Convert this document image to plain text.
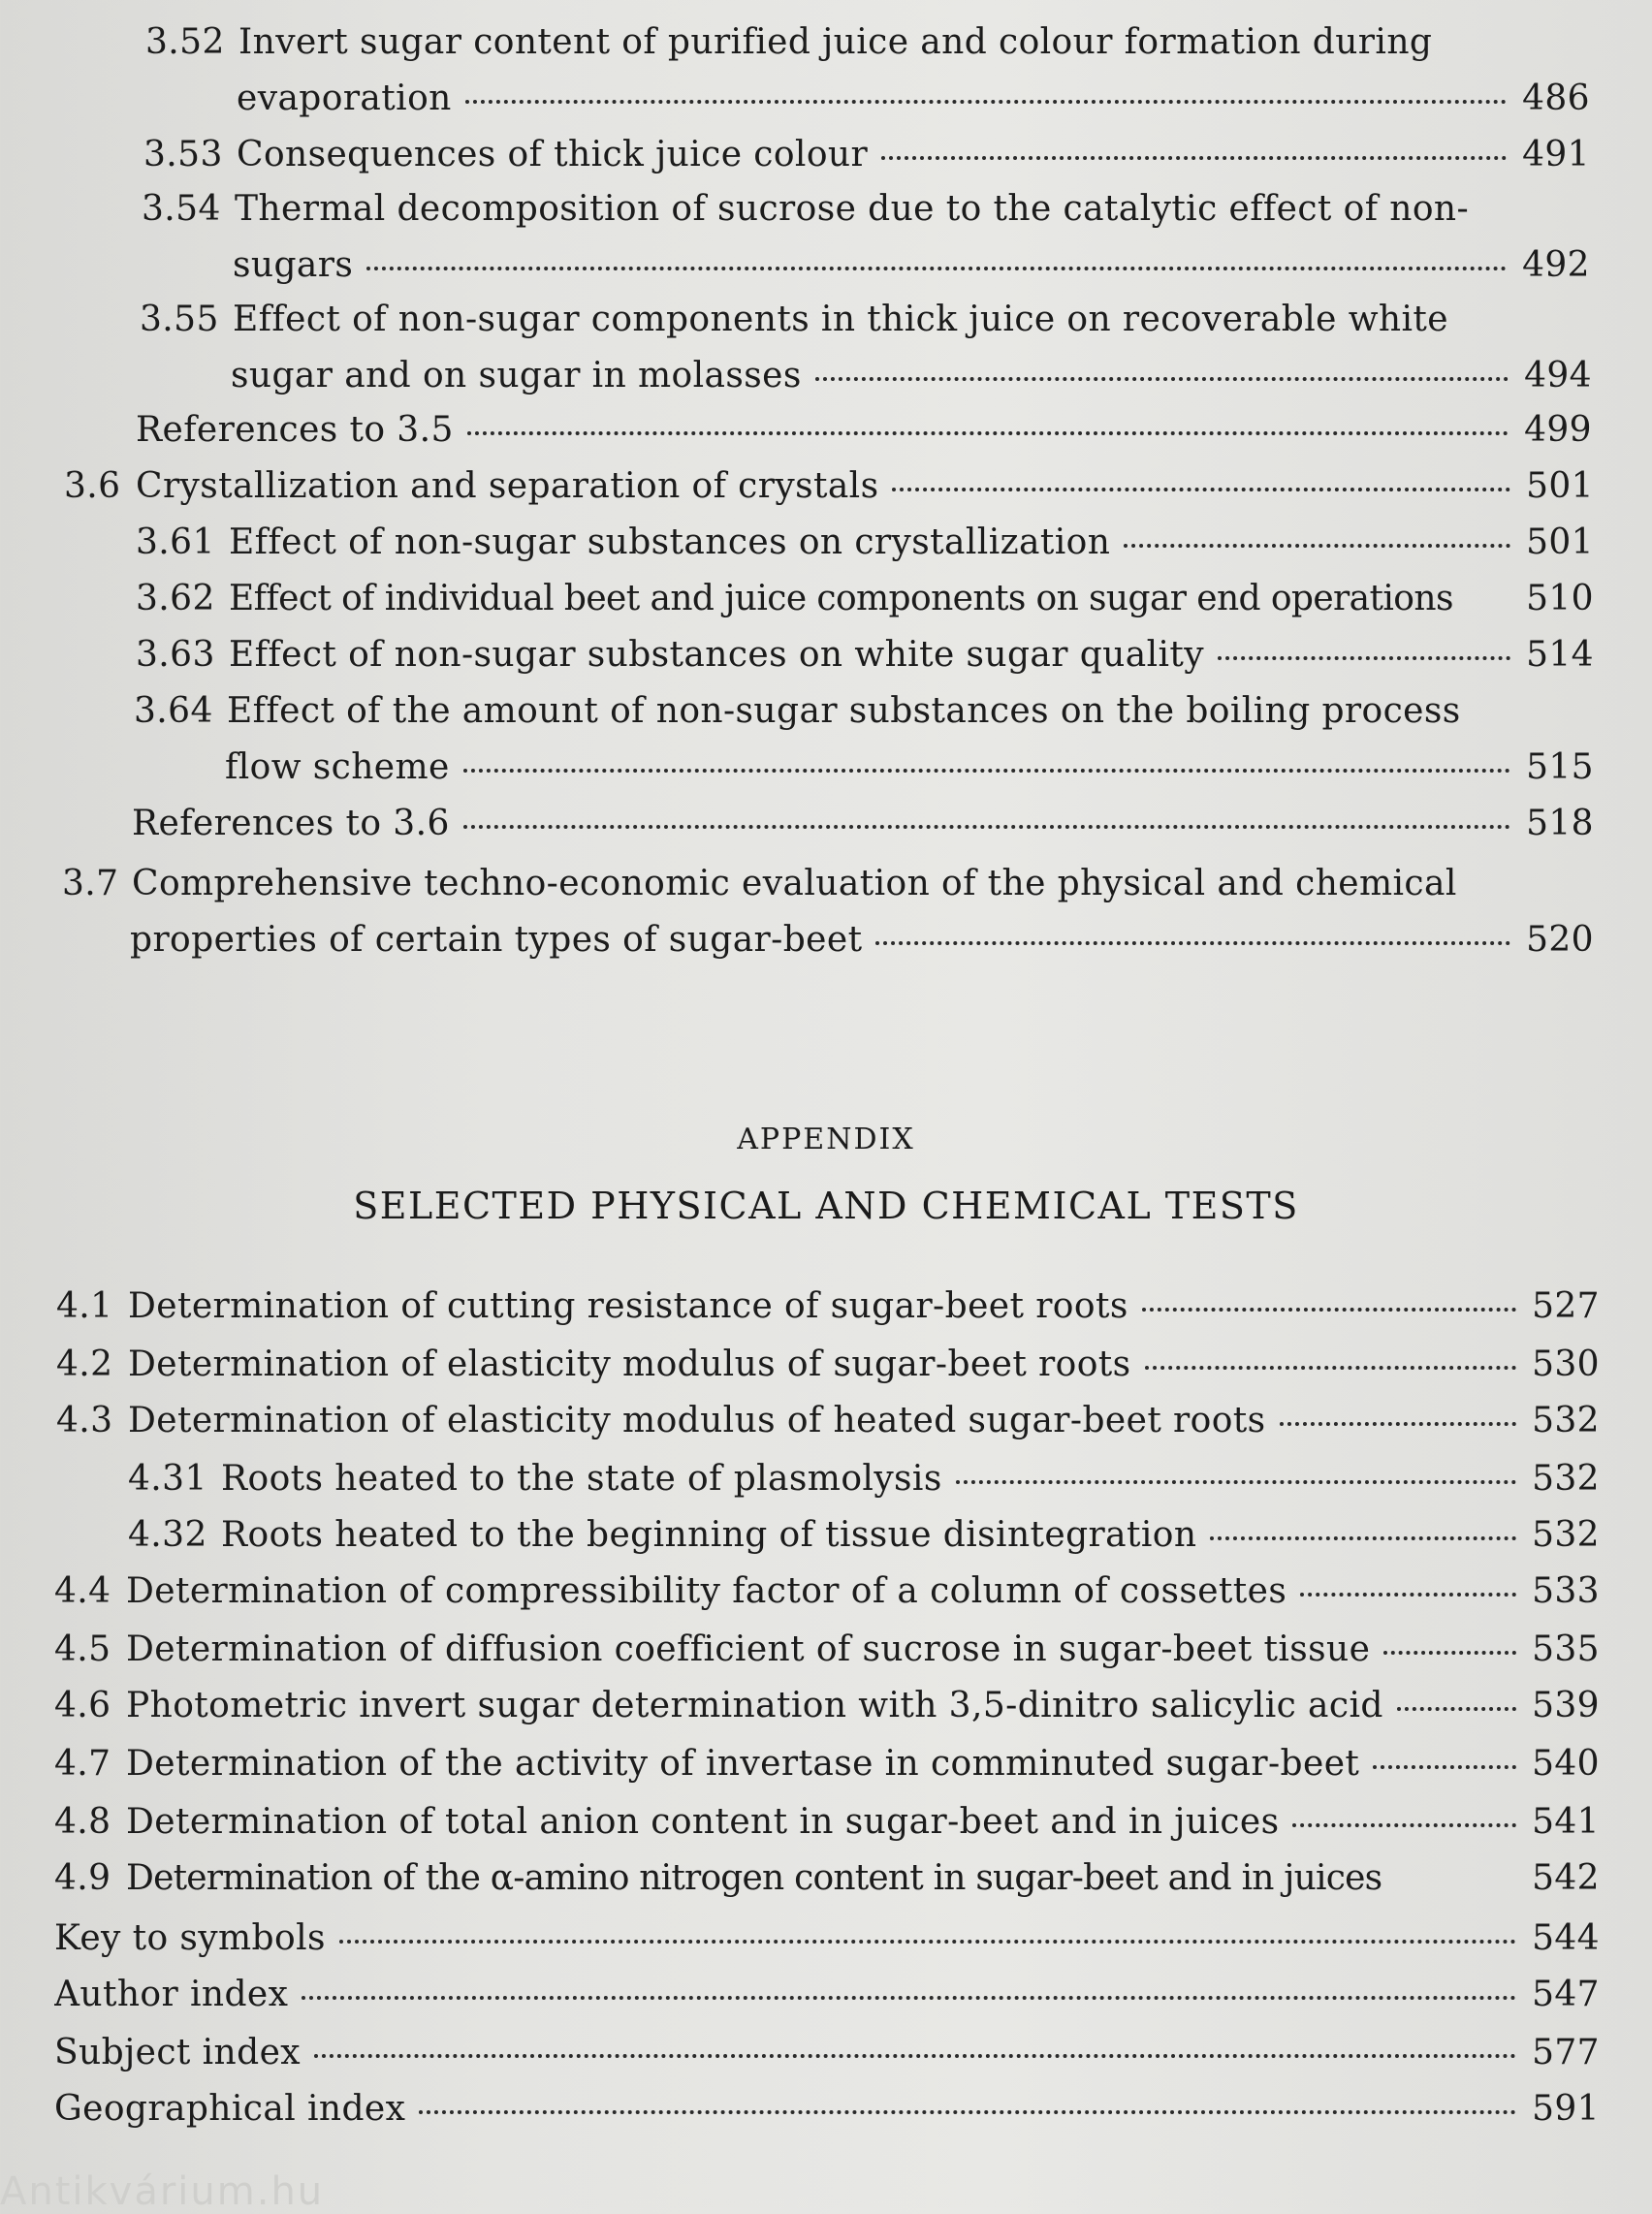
3.52 Invert sugar content of purified juice and colour formation during
evaporation	486
3.53 Consequences of thick juice colour	491
3.54 Thermal decomposition of sucrose due to the catalytic effect of non-
sugars	492
3.55 Effect of non-sugar components in thick juice on recoverable white
sugar and on sugar in molasses	494
References to 3.5	499
3.6 Crystallization and separation of crystals	501
3.61 Effect of non-sugar substances on crystallization	501
3.62 Effect of individual beet and juice components on sugar end operations 510
3.63 Effect of non-sugar substances on white sugar quality	514
3.64 Effect of the amount of non-sugar substances on the boiling process
flow scheme	515
References to 3.6	518
3.7 Comprehensive techno-economic evaluation of the physical and chemical
properties of certain types of sugar-beet	520
APPENDIX
SELECTED PHYSICAL AND CHEMICAL TESTS
4.1 Determination of cutting resistance of sugar-beet roots	527
4.2 Determination of elasticity modulus of sugar-beet roots	530
4.3 Determination of elasticity modulus of heated sugar-beet roots	532
4.31 Roots heated to the state of plasmolysis	532
4.32 Roots heated to the beginning of tissue disintegration	532
4.4 Determination of compressibility factor of a column of cossettes	533
4.5 Determination of diffusion coefficient of sucrose in sugar-beet tissue	535
4.6 Photometric invert sugar determination with 3,5-dinitro salicylic acid	539
4.7 Determination of the activity of invertase in comminuted sugar-beet	540
4.8 Determination of total anion content in sugar-beet and in juices	541
4.9 Determination of the α-amino nitrogen content in sugar-beet and in juices	542
Key to symbols	544
Author index	547
Subject index	577
Geographical index	591
Antikvárium.hu
